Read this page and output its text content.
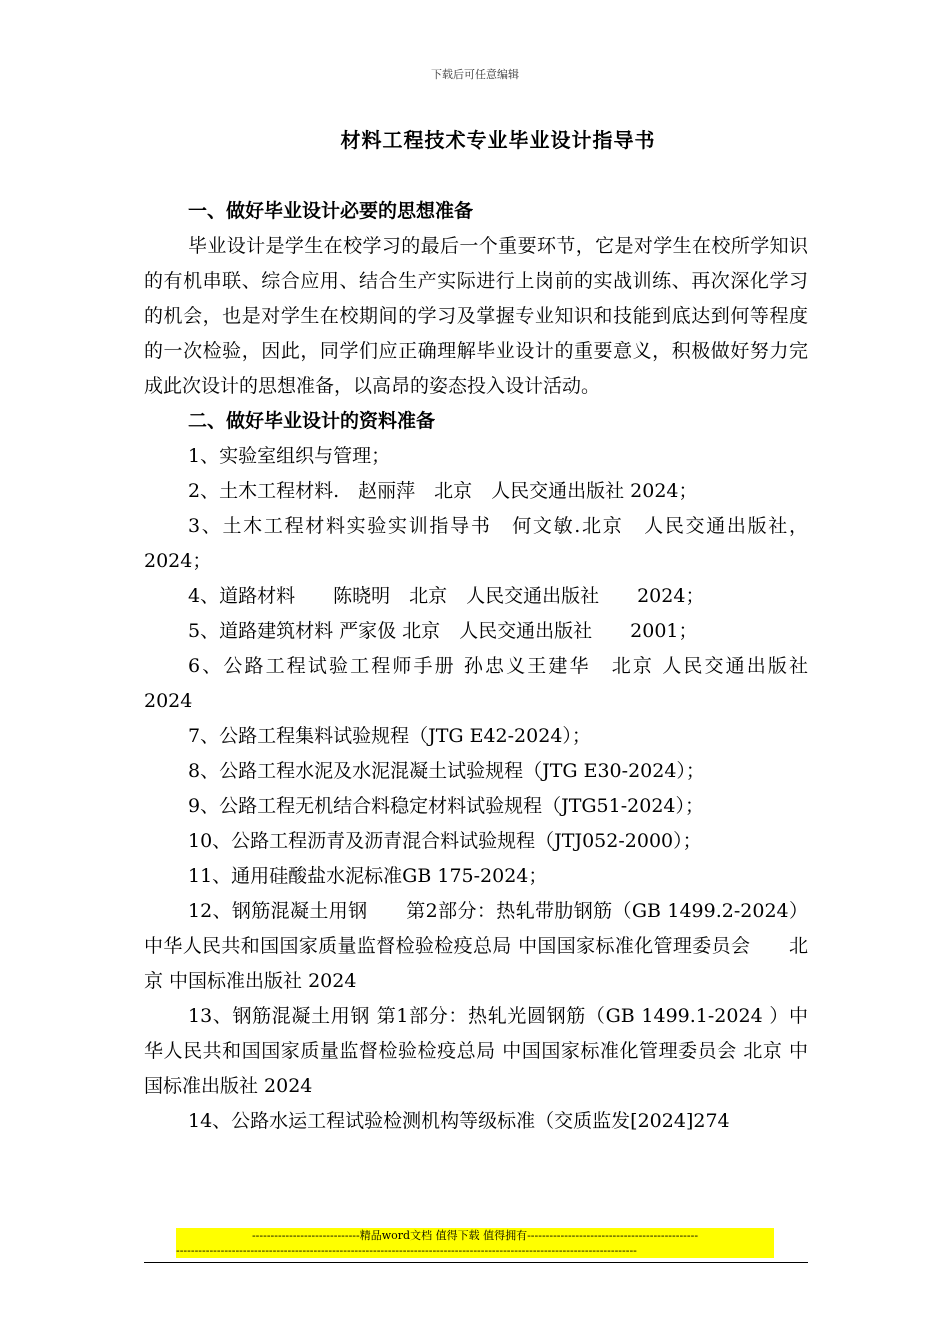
下载后可任意编辑
材料工程技术专业毕业设计指导书

一、做好毕业设计必要的思想准备

毕业设计是学生在校学习的最后一个重要环节，它是对学生在校所学知识的有机串联、综合应用、结合生产实际进行上岗前的实战训练、再次深化学习的机会，也是对学生在校期间的学习及掌握专业知识和技能到底达到何等程度的一次检验，因此，同学们应正确理解毕业设计的重要意义，积极做好努力完成此次设计的思想准备，以高昂的姿态投入设计活动。

二、做好毕业设计的资料准备

1、实验室组织与管理；

2、土木工程材料.　赵丽萍　北京　人民交通出版社 2024；

3、土木工程材料实验实训指导书　何文敏.北京　人民交通出版社，2024；

4、道路材料　　陈晓明　北京　人民交通出版社　　2024；

5、道路建筑材料 严家伋 北京　人民交通出版社　　2001；

6、公路工程试验工程师手册 孙忠义王建华　北京 人民交通出版社　2024

7、公路工程集料试验规程（JTG E42-2024）；

8、公路工程水泥及水泥混凝土试验规程（JTG E30-2024）；

9、公路工程无机结合料稳定材料试验规程（JTG51-2024）；

10、公路工程沥青及沥青混合料试验规程（JTJ052-2000）；

11、通用硅酸盐水泥标准GB 175-2024；

12、钢筋混凝土用钢　　第2部分：热轧带肋钢筋（GB 1499.2-2024）中华人民共和国国家质量监督检验检疫总局 中国国家标准化管理委员会　　北京 中国标准出版社 2024

13、钢筋混凝土用钢 第1部分：热轧光圆钢筋（GB 1499.1-2024 ）中华人民共和国国家质量监督检验检疫总局 中国国家标准化管理委员会 北京 中国标准出版社 2024

14、公路水运工程试验检测机构等级标准（交质监发[2024]274

-----------------------------精品word文档 值得下载 值得拥有----------------------------------------------
----------------------------------------------------------------------------------------------------------------------------
